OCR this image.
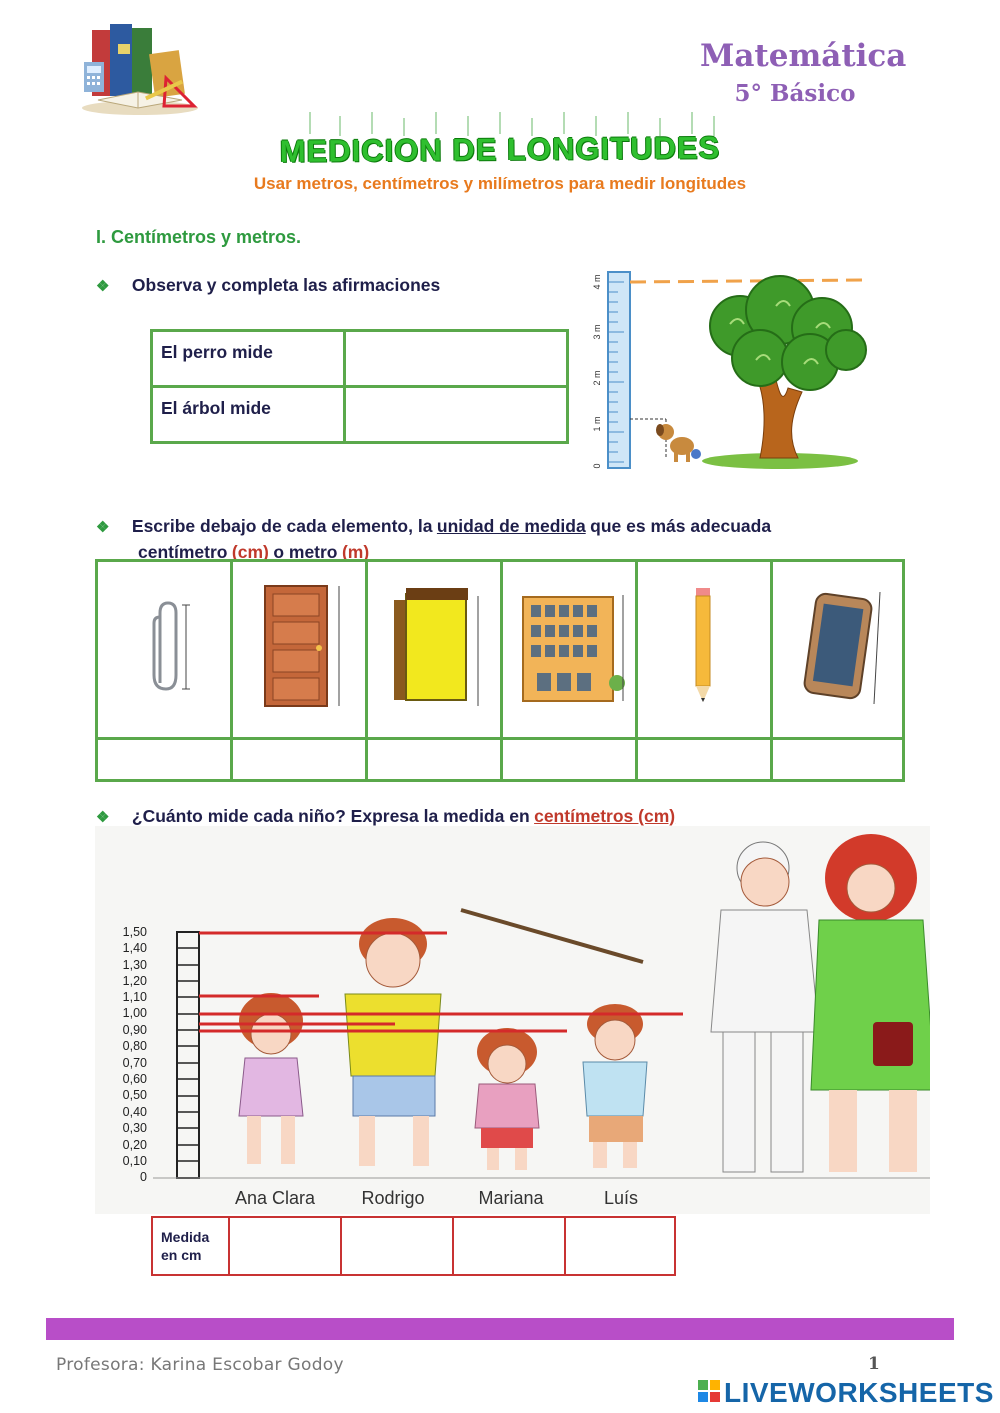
Matemática
5° Básico
MEDICION DE LONGITUDES
Usar metros, centímetros y milímetros para medir longitudes
I. Centímetros y metros.
❖ Observa y completa las afirmaciones
El perro mide	
El árbol mide	
4 m
3 m
2 m
1 m
0
❖ Escribe debajo de cada elemento, la unidad de medida que es más adecuada
centímetro (cm) o metro (m)

❖ ¿Cuánto mide cada niño? Expresa la medida en centímetros (cm)
1,50
1,40
1,30
1,20
1,10
1,00
0,90
0,80
0,70
0,60
0,50
0,40
0,30
0,20
0,10
0
Ana Clara	Rodrigo	Mariana	Luís
Medida en cm				
Profesora: Karina Escobar Godoy	1
LIVEWORKSHEETS
